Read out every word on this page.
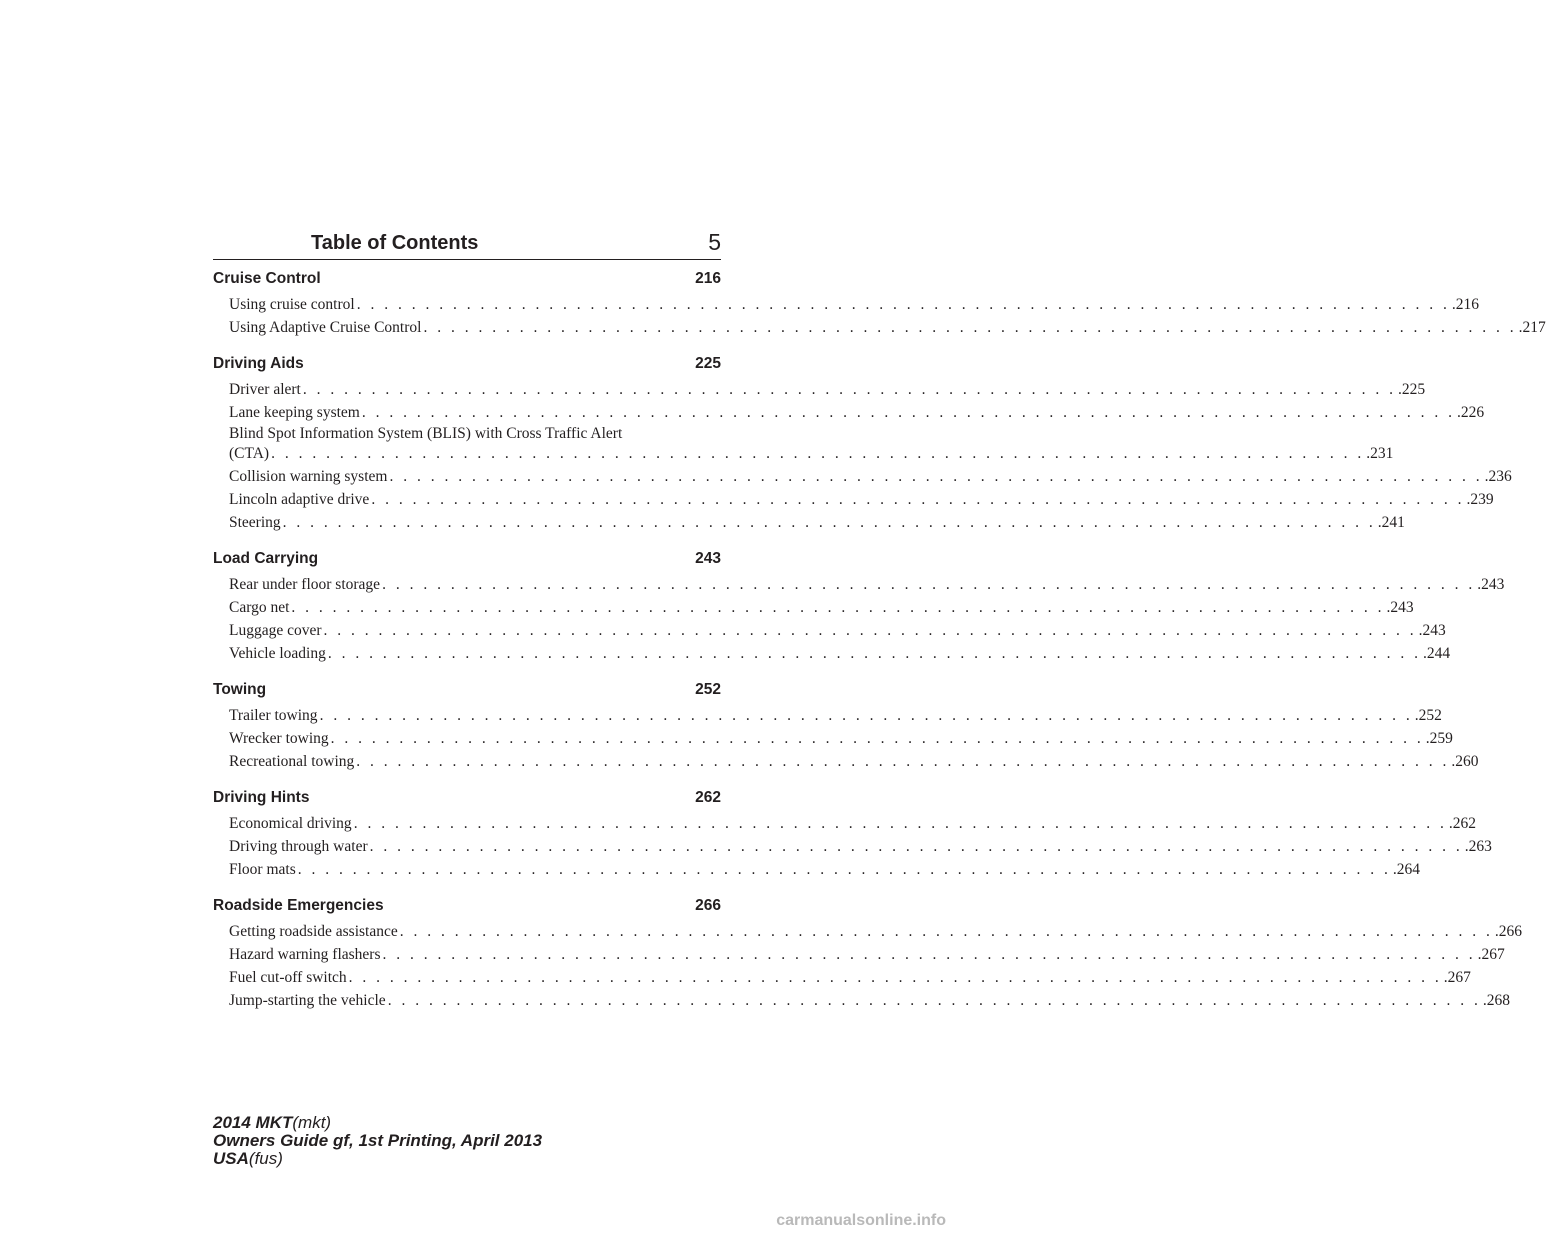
Table of Contents	5
Cruise Control	216
Using cruise control . . . . . . . . . . . . . . . . . . . . . . . . . . . . . . . . . . . . . . . . . . . . . . . . . . . . . . . . . . . . . . . . . . . . . . . . . . . . . . . . .216
Using Adaptive Cruise Control . . . . . . . . . . . . . . . . . . . . . . . . . . . . . . . . . . . . . . . . . . . . . . . . . . . . . . . . . . . . . . . . . . . . . . . . . . . . . . . . .217
Driving Aids	225
Driver alert . . . . . . . . . . . . . . . . . . . . . . . . . . . . . . . . . . . . . . . . . . . . . . . . . . . . . . . . . . . . . . . . . . . . . . . . . . . . . . . . .225
Lane keeping system . . . . . . . . . . . . . . . . . . . . . . . . . . . . . . . . . . . . . . . . . . . . . . . . . . . . . . . . . . . . . . . . . . . . . . . . . . . . . . . . .226
Blind Spot Information System (BLIS) with Cross Traffic Alert
(CTA) . . . . . . . . . . . . . . . . . . . . . . . . . . . . . . . . . . . . . . . . . . . . . . . . . . . . . . . . . . . . . . . . . . . . . . . . . . . . . . . . .231
Collision warning system . . . . . . . . . . . . . . . . . . . . . . . . . . . . . . . . . . . . . . . . . . . . . . . . . . . . . . . . . . . . . . . . . . . . . . . . . . . . . . . . .236
Lincoln adaptive drive . . . . . . . . . . . . . . . . . . . . . . . . . . . . . . . . . . . . . . . . . . . . . . . . . . . . . . . . . . . . . . . . . . . . . . . . . . . . . . . . .239
Steering . . . . . . . . . . . . . . . . . . . . . . . . . . . . . . . . . . . . . . . . . . . . . . . . . . . . . . . . . . . . . . . . . . . . . . . . . . . . . . . . .241
Load Carrying	243
Rear under floor storage . . . . . . . . . . . . . . . . . . . . . . . . . . . . . . . . . . . . . . . . . . . . . . . . . . . . . . . . . . . . . . . . . . . . . . . . . . . . . . . . .243
Cargo net . . . . . . . . . . . . . . . . . . . . . . . . . . . . . . . . . . . . . . . . . . . . . . . . . . . . . . . . . . . . . . . . . . . . . . . . . . . . . . . . .243
Luggage cover . . . . . . . . . . . . . . . . . . . . . . . . . . . . . . . . . . . . . . . . . . . . . . . . . . . . . . . . . . . . . . . . . . . . . . . . . . . . . . . . .243
Vehicle loading . . . . . . . . . . . . . . . . . . . . . . . . . . . . . . . . . . . . . . . . . . . . . . . . . . . . . . . . . . . . . . . . . . . . . . . . . . . . . . . . .244
Towing	252
Trailer towing . . . . . . . . . . . . . . . . . . . . . . . . . . . . . . . . . . . . . . . . . . . . . . . . . . . . . . . . . . . . . . . . . . . . . . . . . . . . . . . . .252
Wrecker towing . . . . . . . . . . . . . . . . . . . . . . . . . . . . . . . . . . . . . . . . . . . . . . . . . . . . . . . . . . . . . . . . . . . . . . . . . . . . . . . . .259
Recreational towing . . . . . . . . . . . . . . . . . . . . . . . . . . . . . . . . . . . . . . . . . . . . . . . . . . . . . . . . . . . . . . . . . . . . . . . . . . . . . . . . .260
Driving Hints	262
Economical driving . . . . . . . . . . . . . . . . . . . . . . . . . . . . . . . . . . . . . . . . . . . . . . . . . . . . . . . . . . . . . . . . . . . . . . . . . . . . . . . . .262
Driving through water . . . . . . . . . . . . . . . . . . . . . . . . . . . . . . . . . . . . . . . . . . . . . . . . . . . . . . . . . . . . . . . . . . . . . . . . . . . . . . . . .263
Floor mats . . . . . . . . . . . . . . . . . . . . . . . . . . . . . . . . . . . . . . . . . . . . . . . . . . . . . . . . . . . . . . . . . . . . . . . . . . . . . . . . .264
Roadside Emergencies	266
Getting roadside assistance . . . . . . . . . . . . . . . . . . . . . . . . . . . . . . . . . . . . . . . . . . . . . . . . . . . . . . . . . . . . . . . . . . . . . . . . . . . . . . . . .266
Hazard warning flashers . . . . . . . . . . . . . . . . . . . . . . . . . . . . . . . . . . . . . . . . . . . . . . . . . . . . . . . . . . . . . . . . . . . . . . . . . . . . . . . . .267
Fuel cut-off switch . . . . . . . . . . . . . . . . . . . . . . . . . . . . . . . . . . . . . . . . . . . . . . . . . . . . . . . . . . . . . . . . . . . . . . . . . . . . . . . . .267
Jump-starting the vehicle . . . . . . . . . . . . . . . . . . . . . . . . . . . . . . . . . . . . . . . . . . . . . . . . . . . . . . . . . . . . . . . . . . . . . . . . . . . . . . . . .268
2014 MKT(mkt)
Owners Guide gf, 1st Printing, April 2013
USA(fus)
carmanualsonline.info
